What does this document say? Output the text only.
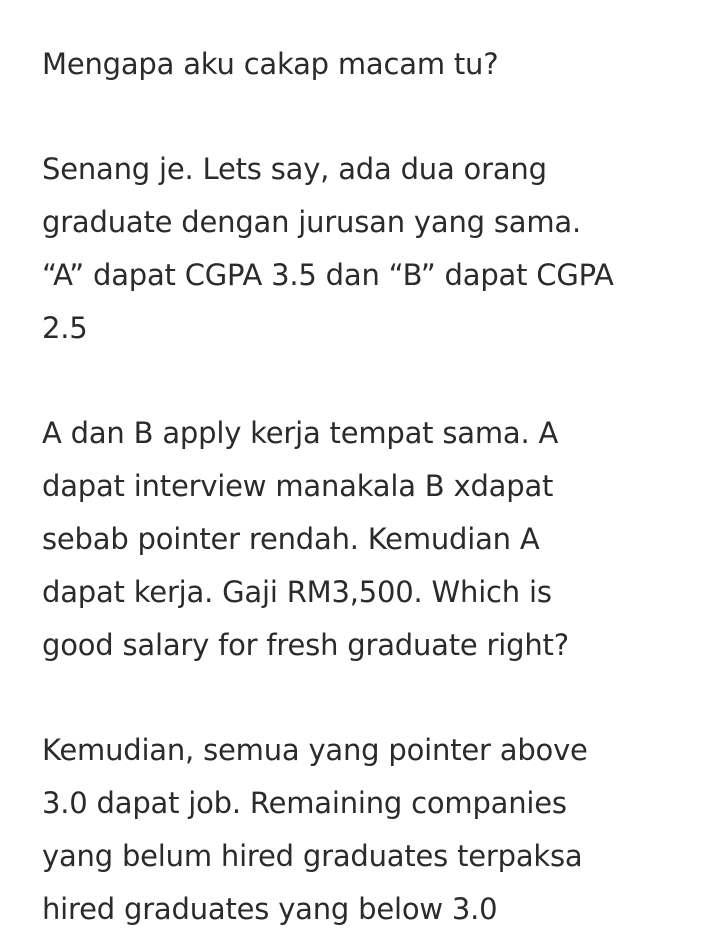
Mengapa aku cakap macam tu?

Senang je. Lets say, ada dua orang
graduate dengan jurusan yang sama.
“A” dapat CGPA 3.5 dan “B” dapat CGPA
2.5

A dan B apply kerja tempat sama. A
dapat interview manakala B xdapat
sebab pointer rendah. Kemudian A
dapat kerja. Gaji RM3,500. Which is
good salary for fresh graduate right?

Kemudian, semua yang pointer above
3.0 dapat job. Remaining companies
yang belum hired graduates terpaksa
hired graduates yang below 3.0
